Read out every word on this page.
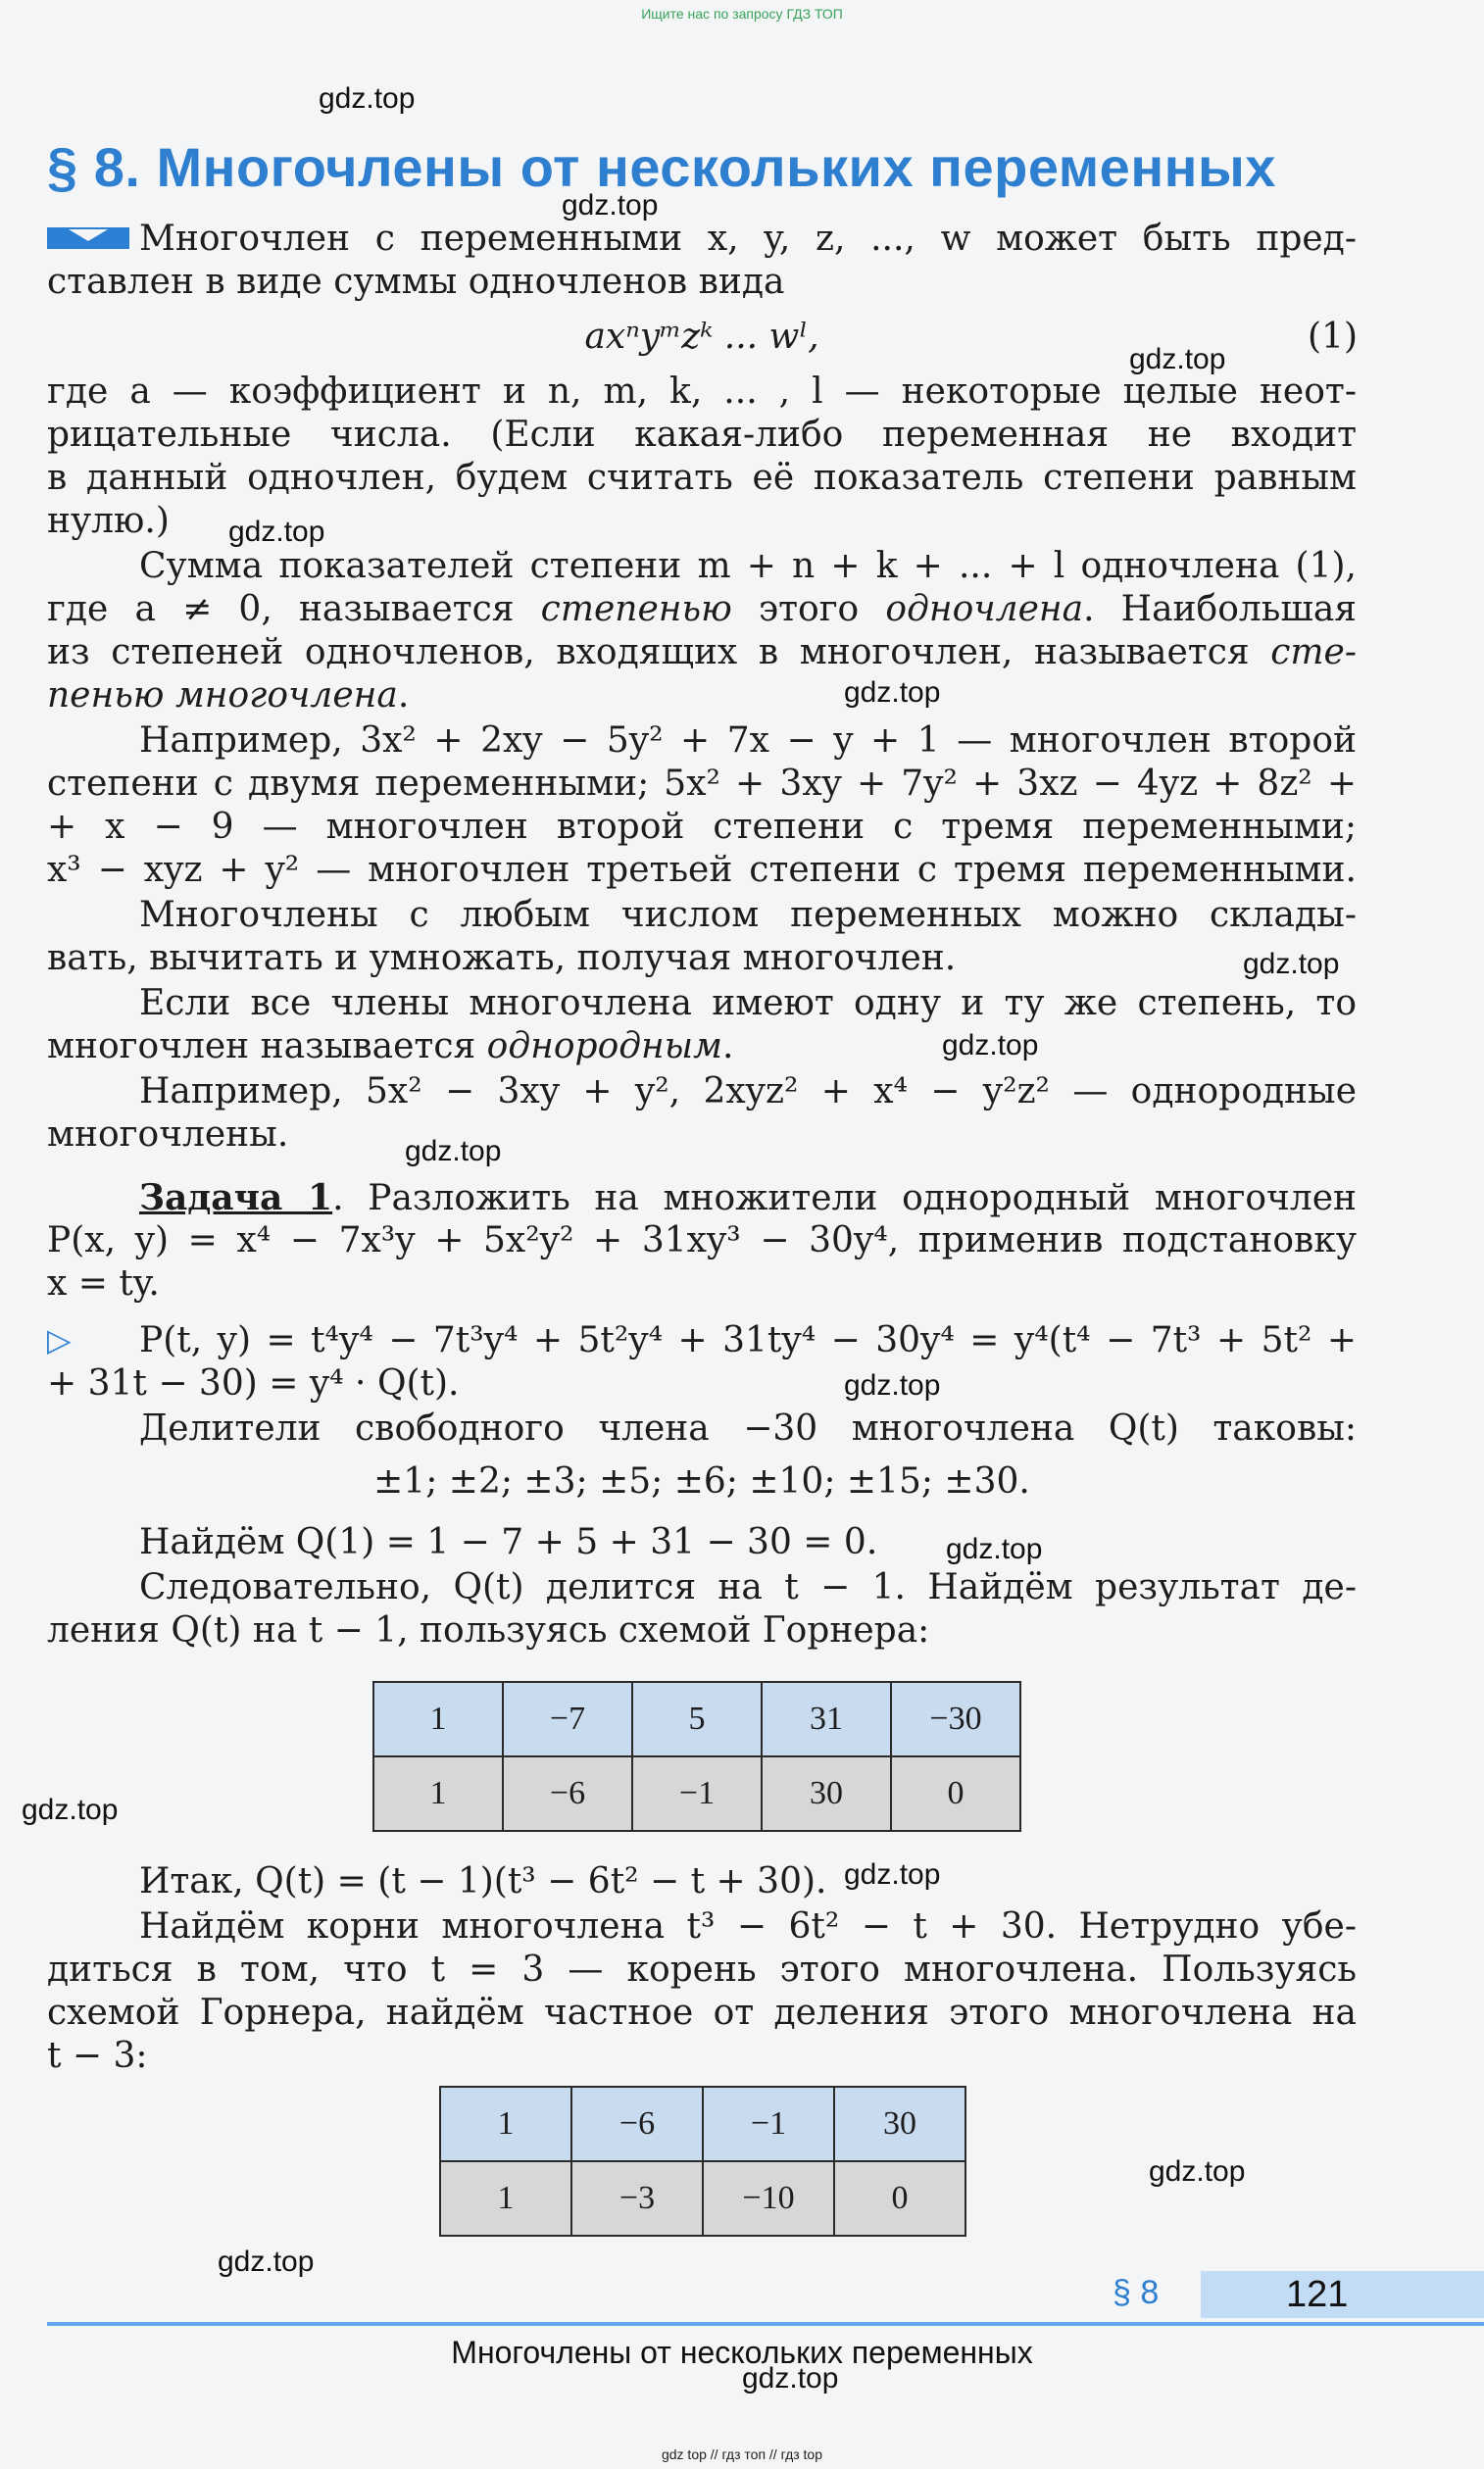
Ищите нас по запросу ГДЗ ТОП
gdz.top
gdz.top
gdz.top
gdz.top
gdz.top
gdz.top
gdz.top
gdz.top
gdz.top
gdz.top
gdz.top
gdz.top
gdz.top
gdz.top
gdz.top
§ 8. Многочлены от нескольких переменных
Многочлен с переменными x, y, z, ..., w может быть пред-
ставлен в виде суммы одночленов вида
axⁿyᵐzᵏ ... wˡ,	(1)
где a — коэффициент и n, m, k, ... , l — некоторые целые неот-
рицательные числа. (Если какая-либо переменная не входит
в данный одночлен, будем считать её показатель степени равным
нулю.)
Сумма показателей степени m + n + k + ... + l одночлена (1),
где a ≠ 0, называется степенью этого одночлена. Наибольшая
из степеней одночленов, входящих в многочлен, называется сте-
пенью многочлена.
Например, 3x² + 2xy − 5y² + 7x − y + 1 — многочлен второй
степени с двумя переменными; 5x² + 3xy + 7y² + 3xz − 4yz + 8z² +
+ x − 9 — многочлен второй степени с тремя переменными;
x³ − xyz + y² — многочлен третьей степени с тремя переменными.
Многочлены с любым числом переменных можно склады-
вать, вычитать и умножать, получая многочлен.
Если все члены многочлена имеют одну и ту же степень, то
многочлен называется однородным.
Например, 5x² − 3xy + y², 2xyz² + x⁴ − y²z² — однородные
многочлены.
Задача 1. Разложить на множители однородный многочлен
P(x, y) = x⁴ − 7x³y + 5x²y² + 31xy³ − 30y⁴, применив подстановку
x = ty.
▷ P(t, y) = t⁴y⁴ − 7t³y⁴ + 5t²y⁴ + 31ty⁴ − 30y⁴ = y⁴(t⁴ − 7t³ + 5t² +
+ 31t − 30) = y⁴ · Q(t).
Делители свободного члена −30 многочлена Q(t) таковы:
±1; ±2; ±3; ±5; ±6; ±10; ±15; ±30.
Найдём Q(1) = 1 − 7 + 5 + 31 − 30 = 0.
Следовательно, Q(t) делится на t − 1. Найдём результат де-
ления Q(t) на t − 1, пользуясь схемой Горнера:
1	−7	5	31	−30
1	−6	−1	30	0
Итак, Q(t) = (t − 1)(t³ − 6t² − t + 30).
Найдём корни многочлена t³ − 6t² − t + 30. Нетрудно убе-
диться в том, что t = 3 — корень этого многочлена. Пользуясь
схемой Горнера, найдём частное от деления этого многочлена на
t − 3:
1	−6	−1	30
1	−3	−10	0
§ 8	121
Многочлены от нескольких переменных
gdz top // гдз топ // гдз top
